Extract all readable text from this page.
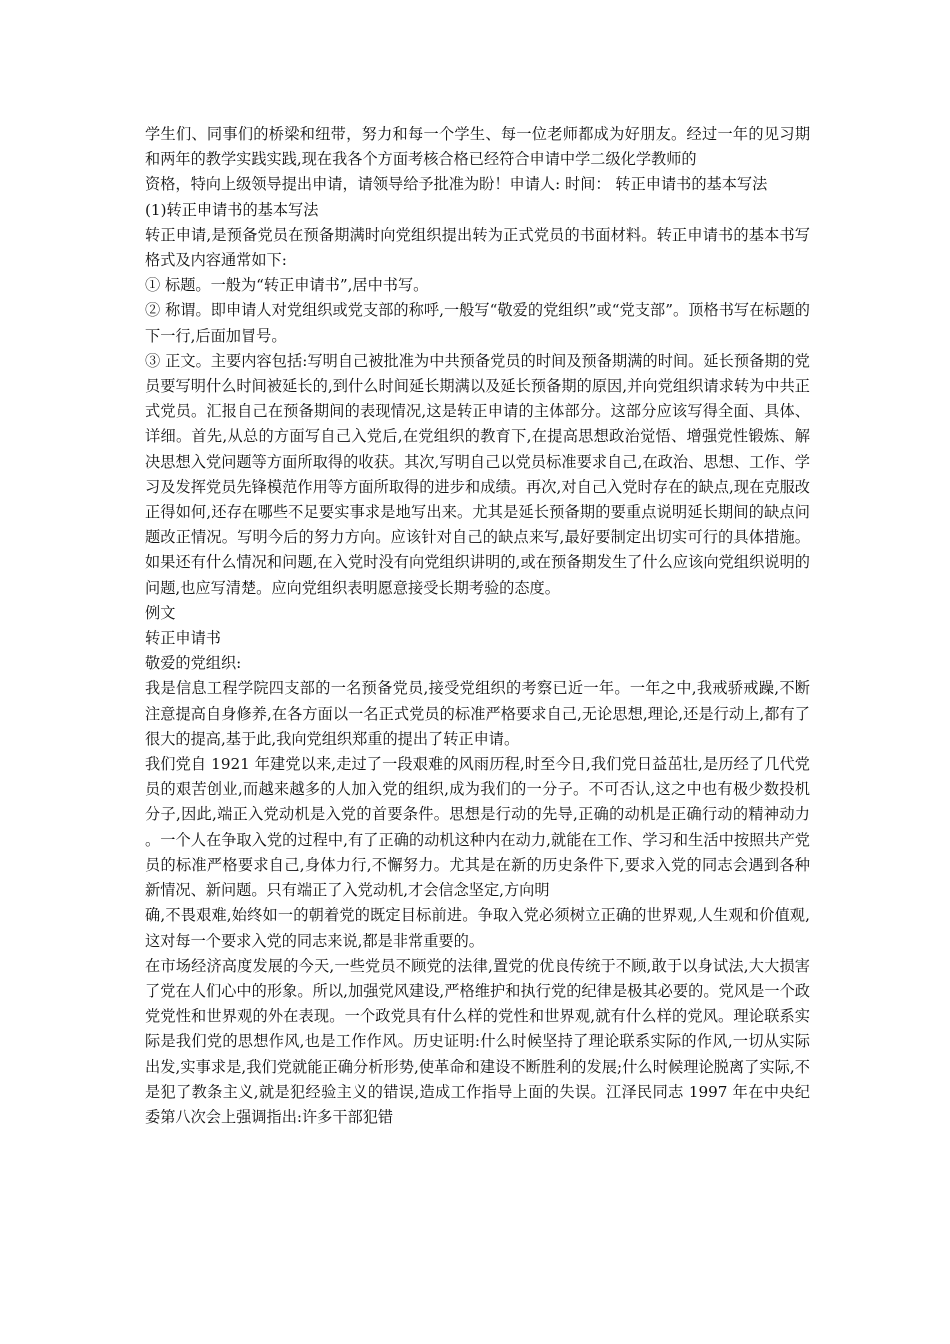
学生们、同事们的桥梁和纽带，努力和每一个学生、每一位老师都成为好朋友。经过一年的见习期和两年的教学实践实践,现在我各个方面考核合格已经符合申请中学二级化学教师的

资格，特向上级领导提出申请，请领导给予批准为盼！申请人: 时间： 转正申请书的基本写法

(1)转正申请书的基本写法

转正申请,是预备党员在预备期满时向党组织提出转为正式党员的书面材料。转正申请书的基本书写格式及内容通常如下:

① 标题。一般为“转正申请书”,居中书写。

② 称谓。即申请人对党组织或党支部的称呼,一般写“敬爱的党组织”或“党支部”。顶格书写在标题的下一行,后面加冒号。

③ 正文。主要内容包括:写明自己被批准为中共预备党员的时间及预备期满的时间。延长预备期的党员要写明什么时间被延长的,到什么时间延长期满以及延长预备期的原因,并向党组织请求转为中共正式党员。汇报自己在预备期间的表现情况,这是转正申请的主体部分。这部分应该写得全面、具体、详细。首先,从总的方面写自己入党后,在党组织的教育下,在提高思想政治觉悟、增强党性锻炼、解决思想入党问题等方面所取得的收获。其次,写明自己以党员标准要求自己,在政治、思想、工作、学习及发挥党员先锋模范作用等方面所取得的进步和成绩。再次,对自己入党时存在的缺点,现在克服改正得如何,还存在哪些不足要实事求是地写出来。尤其是延长预备期的要重点说明延长期间的缺点问题改正情况。写明今后的努力方向。应该针对自己的缺点来写,最好要制定出切实可行的具体措施。如果还有什么情况和问题,在入党时没有向党组织讲明的,或在预备期发生了什么应该向党组织说明的问题,也应写清楚。应向党组织表明愿意接受长期考验的态度。

例文

转正申请书

敬爱的党组织:

我是信息工程学院四支部的一名预备党员,接受党组织的考察已近一年。一年之中,我戒骄戒躁,不断注意提高自身修养,在各方面以一名正式党员的标准严格要求自己,无论思想,理论,还是行动上,都有了很大的提高,基于此,我向党组织郑重的提出了转正申请。

我们党自 1921 年建党以来,走过了一段艰难的风雨历程,时至今日,我们党日益茁壮,是历经了几代党员的艰苦创业,而越来越多的人加入党的组织,成为我们的一分子。不可否认,这之中也有极少数投机分子,因此,端正入党动机是入党的首要条件。思想是行动的先导,正确的动机是正确行动的精神动力。一个人在争取入党的过程中,有了正确的动机这种内在动力,就能在工作、学习和生活中按照共产党员的标准严格要求自己,身体力行,不懈努力。尤其是在新的历史条件下,要求入党的同志会遇到各种新情况、新问题。只有端正了入党动机,才会信念坚定,方向明

确,不畏艰难,始终如一的朝着党的既定目标前进。争取入党必须树立正确的世界观,人生观和价值观,这对每一个要求入党的同志来说,都是非常重要的。

在市场经济高度发展的今天,一些党员不顾党的法律,置党的优良传统于不顾,敢于以身试法,大大损害了党在人们心中的形象。所以,加强党风建设,严格维护和执行党的纪律是极其必要的。党风是一个政党党性和世界观的外在表现。一个政党具有什么样的党性和世界观,就有什么样的党风。理论联系实际是我们党的思想作风,也是工作作风。历史证明:什么时候坚持了理论联系实际的作风,一切从实际出发,实事求是,我们党就能正确分析形势,使革命和建设不断胜利的发展;什么时候理论脱离了实际,不是犯了教条主义,就是犯经验主义的错误,造成工作指导上面的失误。江泽民同志 1997 年在中央纪委第八次会上强调指出:许多干部犯错
